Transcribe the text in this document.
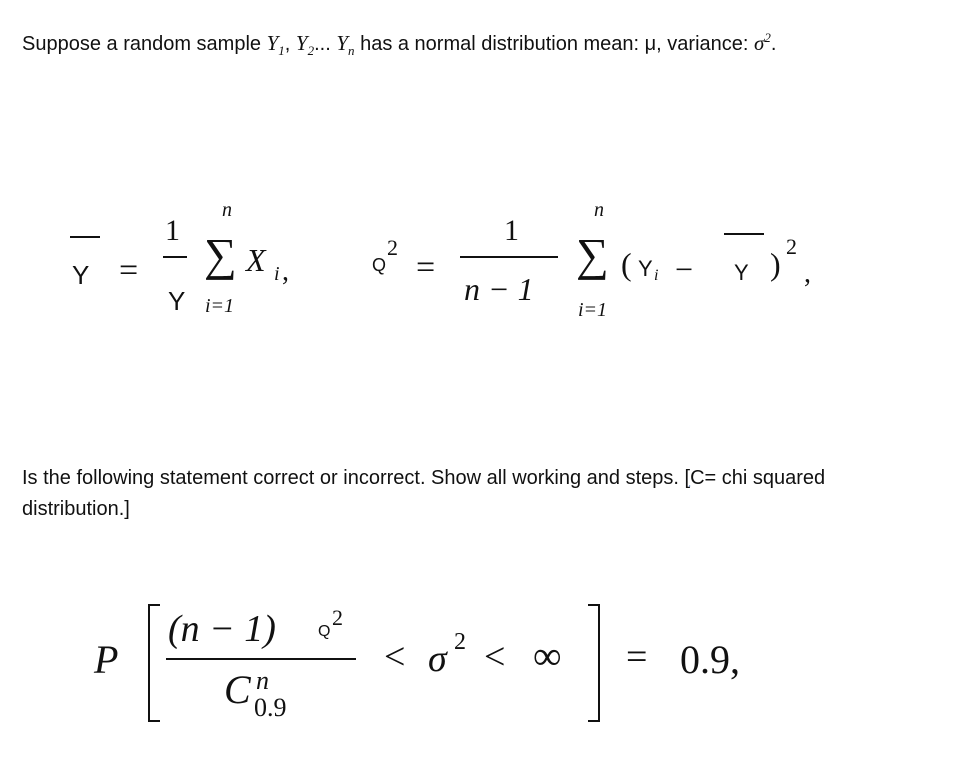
Suppose a random sample $Y_1$, $Y_2$... $Y_n$ has a normal distribution mean: μ, variance: $\sigma^2$.
Y =
1
Y
n
∑
i=1
X i ,	Q
2
=
1
n − 1
n
∑
i=1
( Y i − Y ) 2
,
Is the following statement correct or incorrect. Show all working and steps. [C= chi squared
distribution.]
P
(n − 1)	Q
2
C n
0.9
< σ 2 < ∞ = 0.9,
